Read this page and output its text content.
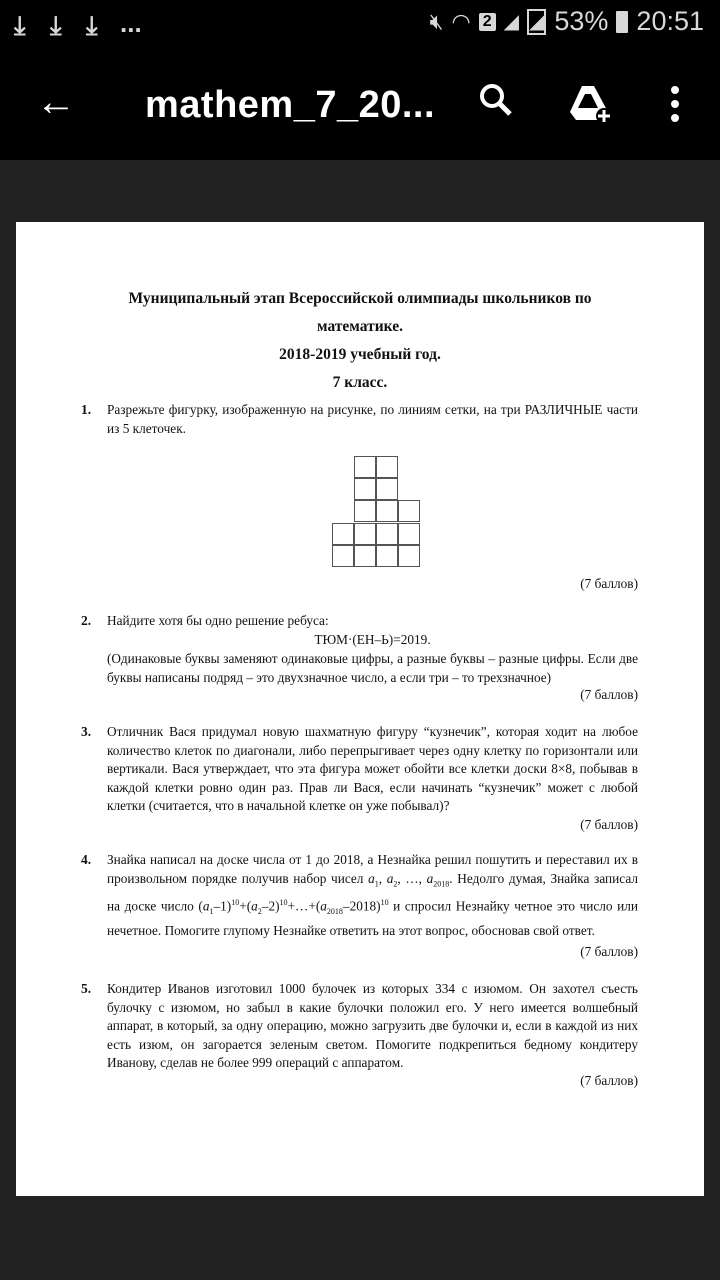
⤓ ⤓ ⤓ ...	🔇︎ ◠ 2 ◢ ◢ 53% 20:51
← mathem_7_20...
Муниципальный этап Всероссийской олимпиады школьников по
математике.
2018-2019 учебный год.
7 класс.
1. Разрежьте фигурку, изображенную на рисунке, по линиям сетки, на три РАЗЛИЧНЫЕ части из 5 клеточек.
(7 баллов)
2. Найдите хотя бы одно решение ребуса:
ТЮМ·(ЕН–Ь)=2019.
(Одинаковые буквы заменяют одинаковые цифры, а разные буквы – разные цифры. Если две буквы написаны подряд – это двухзначное число, а если три – то трехзначное)
(7 баллов)
3. Отличник Вася придумал новую шахматную фигуру “кузнечик”, которая ходит на любое количество клеток по диагонали, либо перепрыгивает через одну клетку по горизонтали или вертикали. Вася утверждает, что эта фигура может обойти все клетки доски 8×8, побывав в каждой клетки ровно один раз. Прав ли Вася, если начинать “кузнечик” может с любой клетки (считается, что в начальной клетке он уже побывал)?
(7 баллов)
4. Знайка написал на доске числа от 1 до 2018, а Незнайка решил пошутить и переставил их в произвольном порядке получив набор чисел $a_1$, $a_2$, …, $a_{2018}$. Недолго думая, Знайка записал на доске число $(a_1-1)^{10}+(a_2-2)^{10}+\dots+(a_{2018}-2018)^{10}$ и спросил Незнайку четное это число или нечетное. Помогите глупому Незнайке ответить на этот вопрос, обосновав свой ответ.
(7 баллов)
5. Кондитер Иванов изготовил 1000 булочек из которых 334 с изюмом. Он захотел съесть булочку с изюмом, но забыл в какие булочки положил его. У него имеется волшебный аппарат, в который, за одну операцию, можно загрузить две булочки и, если в каждой из них есть изюм, он загорается зеленым светом. Помогите подкрепиться бедному кондитеру Иванову, сделав не более 999 операций с аппаратом.
(7 баллов)
